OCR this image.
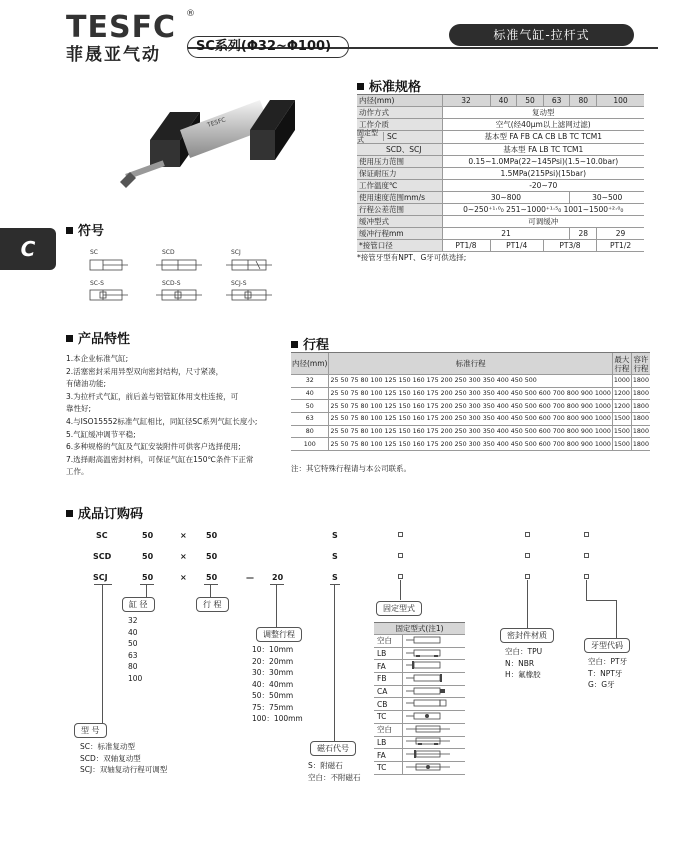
TESFC ®
菲晟亚气动	SC系列(Φ32~Φ100)
标准气缸-拉杆式
C
TESFC
标准规格
内径(mm)	32	40	50	63	80	100
动作方式	复动型					
工作介质	空气(经40μm以上滤网过滤)					

固定型式 SC	基本型 FA FB CA CB LB TC TCM1					
SCD、SCJ	基本型 FA LB TC TCM1					
使用压力范围	0.15~1.0MPa(22~145Psi)(1.5~10.0bar)					
保证耐压力	1.5MPa(215Psi)(15bar)					
工作温度℃	-20~70					
使用速度范围mm/s	30~800				30~500	
行程公差范围	0~250⁺¹·⁰₀ 251~1000⁺¹·⁵₀ 1001~1500⁺²·⁰₀					
缓冲型式	可调缓冲					
缓冲行程mm	21				28	29
*接管口径	PT1/8	PT1/4		PT3/8		PT1/2
*接管牙型有NPT、G牙可供选择;
符号
SC	SCD	SCJ
SC-S	SCD-S	SCJ-S
产品特性
1.本企业标准气缸;
2.活塞密封采用异型双向密封结构，尺寸紧凑，
有储油功能;
3.为拉杆式气缸，前后盖与铝管缸体用支柱连接，可
靠性好;
4.与ISO15552标准气缸相比，同缸径SC系列气缸长度小;
5.气缸缓冲调节平稳;
6.多种规格的气缸及气缸安装附件可供客户选择使用;
7.选择耐高温密封材料，可保证气缸在150℃条件下正常
工作。
行程
内径(mm)	标准行程	最大行程	容许行程
32	25 50 75 80 100 125 150 160 175 200 250 300 350 400 450 500	1000	1800
40	25 50 75 80 100 125 150 160 175 200 250 300 350 400 450 500 600 700 800 900 1000	1200	1800
50	25 50 75 80 100 125 150 160 175 200 250 300 350 400 450 500 600 700 800 900 1000	1200	1800
63	25 50 75 80 100 125 150 160 175 200 250 300 350 400 450 500 600 700 800 900 1000	1500	1800
80	25 50 75 80 100 125 150 160 175 200 250 300 350 400 450 500 600 700 800 900 1000	1500	1800
100	25 50 75 80 100 125 150 160 175 200 250 300 350 400 450 500 600 700 800 900 1000	1500	1800
注：其它特殊行程请与本公司联系。
成品订购码
SC	50	× 50	S
SCD	50	× 50	S
SCJ	50	× 50	— 20	S
缸 径
32
40
50
63
80
100
行 程
调整行程
10：10mm
20：20mm
30：30mm
40：40mm
50：50mm
75：75mm
100：100mm
型 号
SC：标准复动型
SCD：双轴复动型
SCJ：双轴复动行程可调型
磁石代号
S：附磁石
空白：不附磁石
固定型式
固定型式(注1)	
空白	
LB	
FA	
FB	
CA	
CB	
TC	
空白	
LB	
FA	
TC	
密封件材质
空白：TPU
N：NBR
H：氟橡胶
牙型代码
空白：PT牙
T：NPT牙
G：G牙
